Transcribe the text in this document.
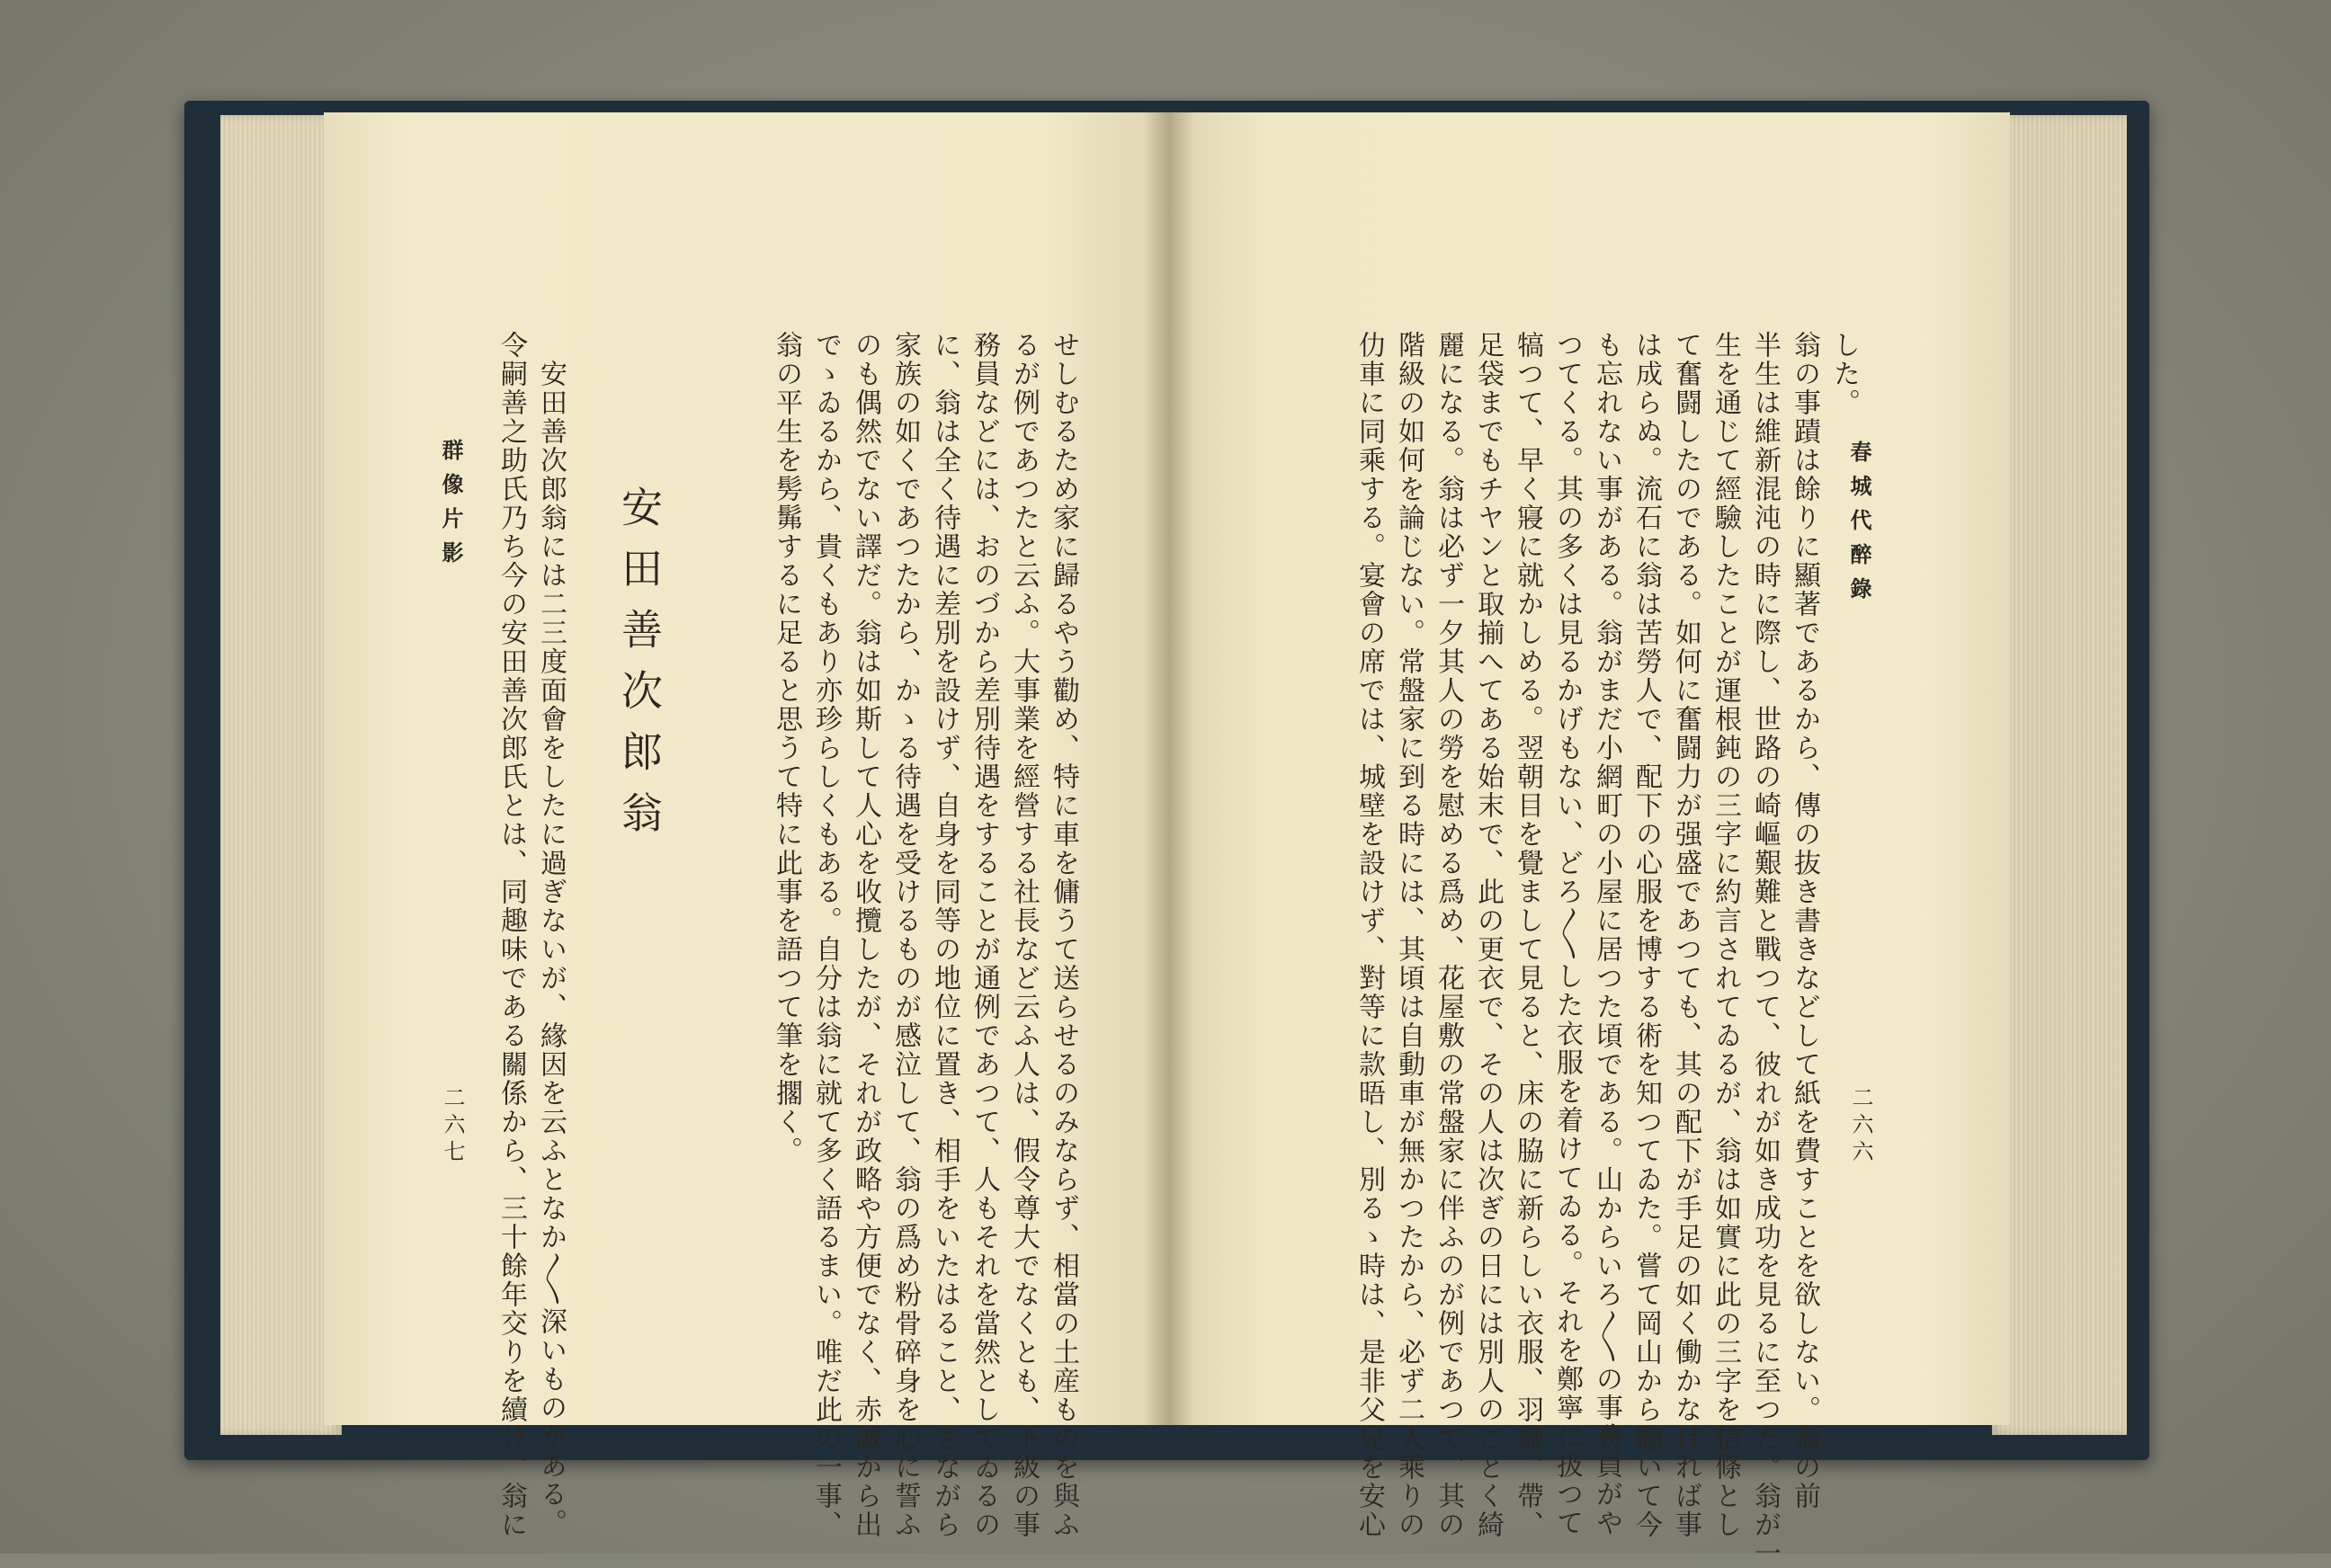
春城代醉錄
二六六
した。
翁の事蹟は餘りに顯著であるから、傳の抜き書きなどして紙を費すことを欲しない。翁の前
半生は維新混沌の時に際し、世路の崎嶇艱難と戰つて、彼れが如き成功を見るに至つた。翁が一
生を通じて經驗したことが運根鈍の三字に約言されてゐるが、翁は如實に此の三字を信條とし
て奮闘したのである。如何に奮闘力が强盛であつても、其の配下が手足の如く働かなければ事
は成らぬ。流石に翁は苦勞人で、配下の心服を博する術を知つてゐた。嘗て岡山から聽いて今
も忘れない事がある。翁がまだ小網町の小屋に居つた頃である。山からいろ〳〵の事務員がや
つてくる。其の多くは見るかげもない、どろ〳〵した衣服を着けてゐる。それを鄭寧に扱つて
犒つて、早く寢に就かしめる。翌朝目を覺まして見ると、床の脇に新らしい衣服、羽織、帶、
足袋までもチヤンと取揃へてある始末で、此の更衣で、その人は次ぎの日には別人のごとく綺
麗になる。翁は必ず一夕其人の勞を慰める爲め、花屋敷の常盤家に伴ふのが例であつて、其の
階級の如何を論じない。常盤家に到る時には、其頃は自動車が無かつたから、必ず二人乘りの
仂車に同乘する。宴會の席では、城壁を設けず、對等に款晤し、別るゝ時は、是非父兄を安心
せしむるため家に歸るやう勸め、特に車を傭うて送らせるのみならず、相當の土産ものを與ふ
るが例であつたと云ふ。大事業を經營する社長など云ふ人は、假令尊大でなくとも、下級の事
務員などには、おのづから差別待遇をすることが通例であつて、人もそれを當然としてゐるの
に、翁は全く待遇に差別を設けず、自身を同等の地位に置き、相手をいたはること、さながら
家族の如くであつたから、かゝる待遇を受けるものが感泣して、翁の爲め粉骨碎身を心に誓ふ
のも偶然でない譯だ。翁は如斯して人心を收攬したが、それが政略や方便でなく、赤誠から出
でゝゐるから、貴くもあり亦珍らしくもある。自分は翁に就て多く語るまい。唯だ此の一事、
翁の平生を髣髴するに足ると思うて特に此事を語つて筆を擱く。
安田善次郎翁
安田善次郎翁には二三度面會をしたに過ぎないが、緣因を云ふとなか〳〵深いものがある。
令嗣善之助氏乃ち今の安田善次郎氏とは、同趣味である關係から、三十餘年交りを續け、翁に
群像片影
二六七
